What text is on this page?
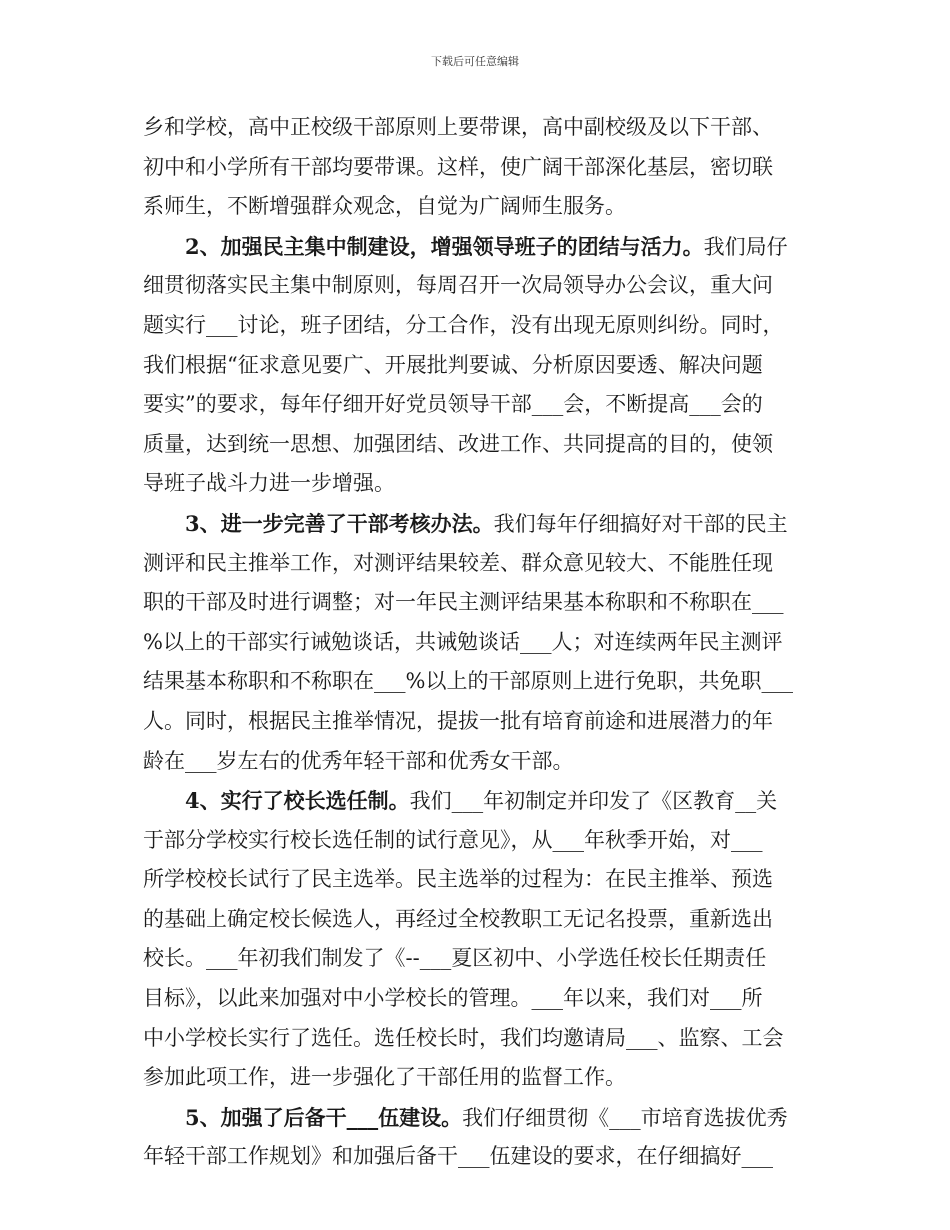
下载后可任意编辑
乡和学校，高中正校级干部原则上要带课，高中副校级及以下干部、
初中和小学所有干部均要带课。这样，使广阔干部深化基层，密切联
系师生，不断增强群众观念，自觉为广阔师生服务。
2、加强民主集中制建设，增强领导班子的团结与活力。我们局仔
细贯彻落实民主集中制原则，每周召开一次局领导办公会议，重大问
题实行___讨论，班子团结，分工合作，没有出现无原则纠纷。同时，
我们根据“征求意见要广、开展批判要诚、分析原因要透、解决问题
要实”的要求，每年仔细开好党员领导干部___会，不断提高___会的
质量，达到统一思想、加强团结、改进工作、共同提高的目的，使领
导班子战斗力进一步增强。
3、进一步完善了干部考核办法。我们每年仔细搞好对干部的民主
测评和民主推举工作，对测评结果较差、群众意见较大、不能胜任现
职的干部及时进行调整；对一年民主测评结果基本称职和不称职在___
%以上的干部实行诫勉谈话，共诫勉谈话___人；对连续两年民主测评
结果基本称职和不称职在___%以上的干部原则上进行免职，共免职___
人。同时，根据民主推举情况，提拔一批有培育前途和进展潜力的年
龄在___岁左右的优秀年轻干部和优秀女干部。
4、实行了校长选任制。我们___年初制定并印发了《区教育__关
于部分学校实行校长选任制的试行意见》，从___年秋季开始，对___
所学校校长试行了民主选举。民主选举的过程为：在民主推举、预选
的基础上确定校长候选人，再经过全校教职工无记名投票，重新选出
校长。___年初我们制发了《--___夏区初中、小学选任校长任期责任
目标》，以此来加强对中小学校长的管理。___年以来，我们对___所
中小学校长实行了选任。选任校长时，我们均邀请局___、监察、工会
参加此项工作，进一步强化了干部任用的监督工作。
5、加强了后备干___伍建设。我们仔细贯彻《___市培育选拔优秀
年轻干部工作规划》和加强后备干___伍建设的要求，在仔细搞好___
